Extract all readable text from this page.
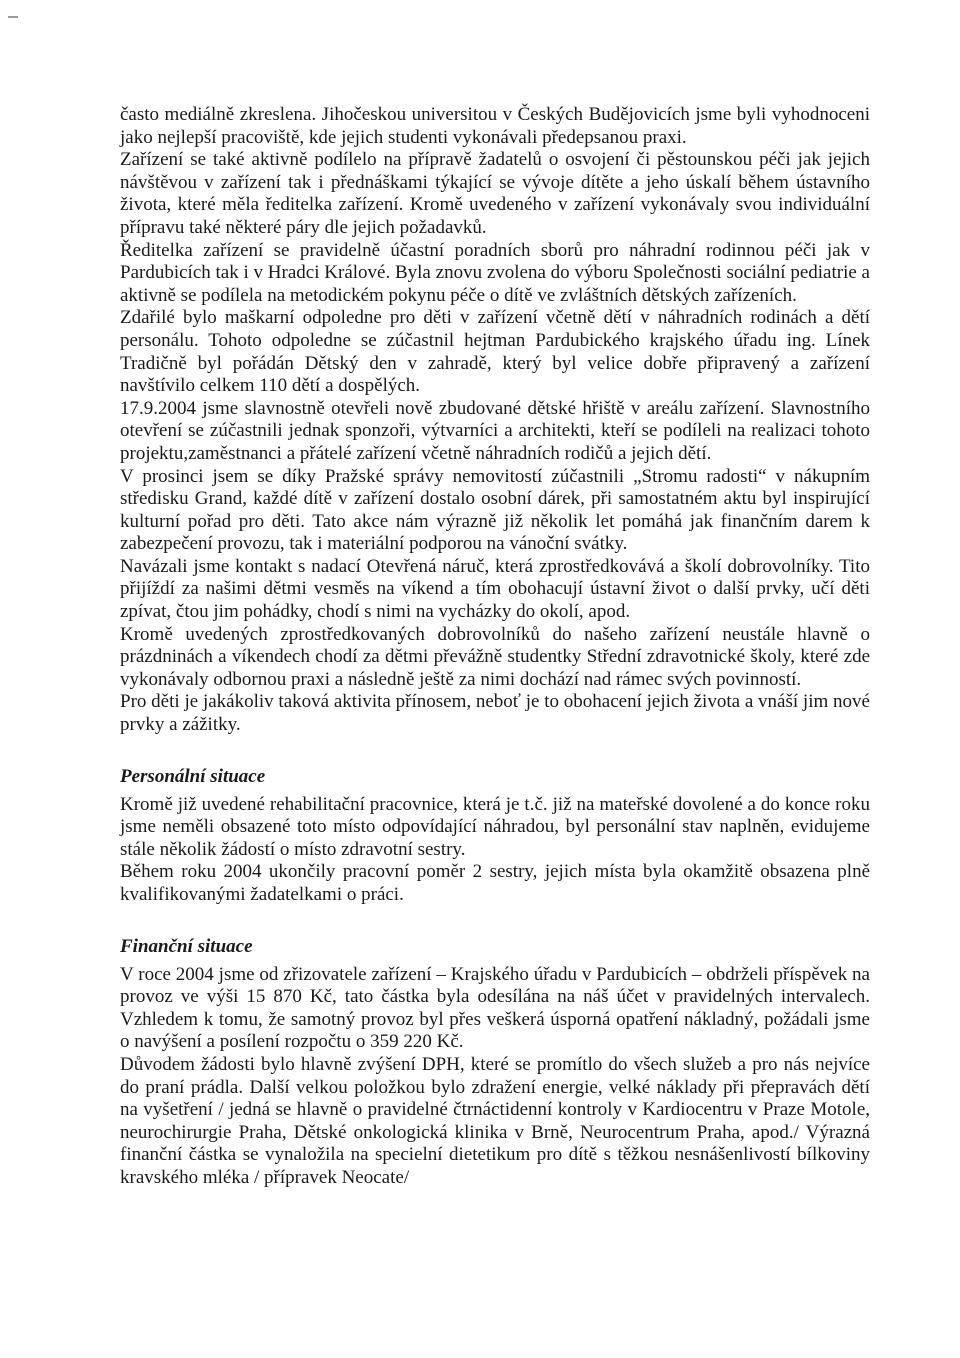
často mediálně zkreslena. Jihočeskou universitou v Českých Budějovicích jsme byli vyhodnoceni jako nejlepší pracoviště, kde jejich studenti vykonávali předepsanou praxi.

Zařízení se také aktivně podílelo na přípravě žadatelů o osvojení či pěstounskou péči jak jejich návštěvou v zařízení tak i přednáškami týkající se vývoje dítěte a jeho úskalí během ústavního života, které měla ředitelka zařízení. Kromě uvedeného v zařízení vykonávaly svou individuální přípravu také některé páry dle jejich požadavků.

Ředitelka zařízení se pravidelně účastní poradních sborů pro náhradní rodinnou péči jak v Pardubicích tak i v Hradci Králové. Byla znovu zvolena do výboru Společnosti sociální pediatrie a aktivně se podílela na metodickém pokynu péče o dítě ve zvláštních dětských zařízeních.

Zdařilé bylo maškarní odpoledne pro děti v zařízení včetně dětí v náhradních rodinách a dětí personálu. Tohoto odpoledne se zúčastnil hejtman Pardubického krajského úřadu ing. Línek Tradičně byl pořádán Dětský den v zahradě, který byl velice dobře připravený a zařízení navštívilo celkem 110 dětí a dospělých.

17.9.2004 jsme slavnostně otevřeli nově zbudované dětské hřiště v areálu zařízení. Slavnostního otevření se zúčastnili jednak sponzoři, výtvarníci a architekti, kteří se podíleli na realizaci tohoto projektu,zaměstnanci a přátelé zařízení včetně náhradních rodičů a jejich dětí.

V prosinci jsem se díky Pražské správy nemovitostí zúčastnili „Stromu radosti“ v nákupním středisku Grand, každé dítě v zařízení dostalo osobní dárek, při samostatném aktu byl inspirující kulturní pořad pro děti. Tato akce nám výrazně již několik let pomáhá jak finančním darem k zabezpečení provozu, tak i materiální podporou na vánoční svátky.

Navázali jsme kontakt s nadací Otevřená náruč, která zprostředkovává a školí dobrovolníky. Tito přijíždí za našimi dětmi vesměs na víkend a tím obohacují ústavní život o další prvky, učí děti zpívat, čtou jim pohádky, chodí s nimi na vycházky do okolí, apod.

Kromě uvedených zprostředkovaných dobrovolníků do našeho zařízení neustále hlavně o prázdninách a víkendech chodí za dětmi převážně studentky Střední zdravotnické školy, které zde vykonávaly odbornou praxi a následně ještě za nimi dochází nad rámec svých povinností.

Pro děti je jakákoliv taková aktivita přínosem, neboť je to obohacení jejich života a vnáší jim nové prvky a zážitky.

Personální situace

Kromě již uvedené rehabilitační pracovnice, která je t.č. již na mateřské dovolené a do konce roku jsme neměli obsazené toto místo odpovídající náhradou, byl personální stav naplněn, evidujeme stále několik žádostí o místo zdravotní sestry.

Během roku 2004 ukončily pracovní poměr 2 sestry, jejich místa byla okamžitě obsazena plně kvalifikovanými žadatelkami o práci.

Finanční situace

V roce 2004 jsme od zřizovatele zařízení – Krajského úřadu v Pardubicích – obdrželi příspěvek na provoz ve výši 15 870 Kč, tato částka byla odesílána na náš účet v pravidelných intervalech. Vzhledem k tomu, že samotný provoz byl přes veškerá úsporná opatření nákladný, požádali jsme o navýšení a posílení rozpočtu o 359 220 Kč.

Důvodem žádosti bylo hlavně zvýšení DPH, které se promítlo do všech služeb a pro nás nejvíce do praní prádla. Další velkou položkou bylo zdražení energie, velké náklady při přepravách dětí na vyšetření / jedná se hlavně o pravidelné čtrnáctidenní kontroly v Kardiocentru v Praze Motole, neurochirurgie Praha, Dětské onkologická klinika v Brně, Neurocentrum Praha, apod./ Výrazná finanční částka se vynaložila na specielní dietetikum pro dítě s těžkou nesnášenlivostí bílkoviny kravského mléka / přípravek Neocate/
